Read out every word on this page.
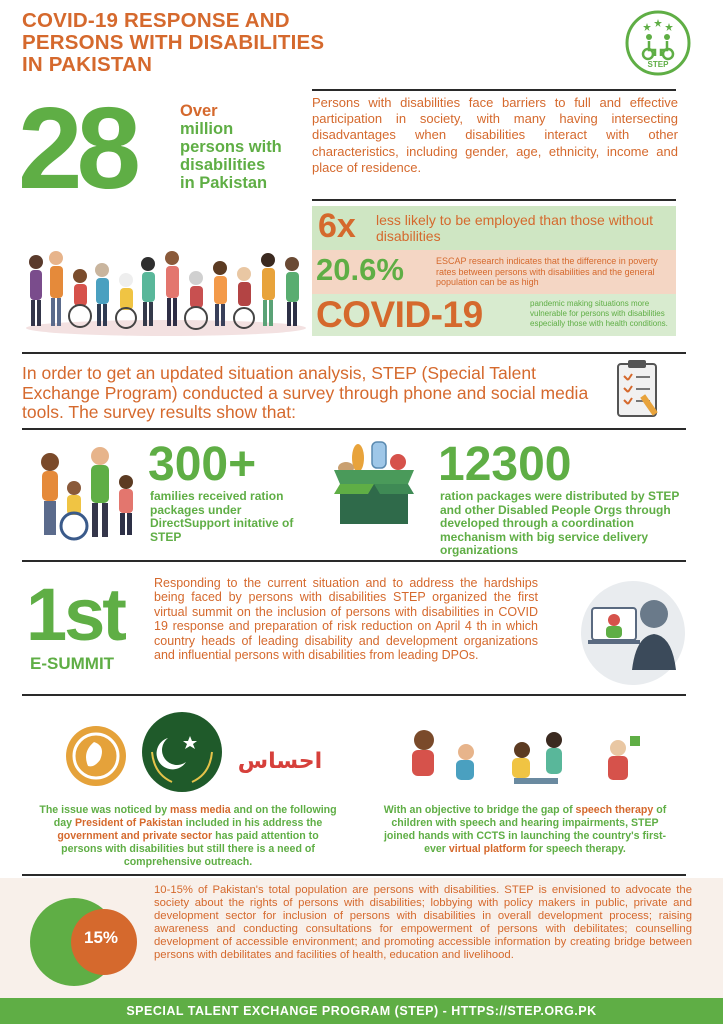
COVID-19 RESPONSE AND
PERSONS WITH DISABILITIES
IN PAKISTAN	STEP
28	Over
million
persons with
disabilities
in Pakistan
Persons with disabilities face barriers to full and effective participation in society, with many having intersecting disadvantages when disabilities interact with other characteristics, including gender, age, ethnicity, income and place of residence.
6x less likely to be employed than those without disabilities
20.6%	ESCAP research indicates that the difference in poverty rates between persons with disabilities and the general population can be as high
COVID-19	pandemic making situations more vulnerable for persons with disabilities especially those with health conditions.
In order to get an updated situation analysis, STEP (Special Talent Exchange Program) conducted a survey through phone and social media tools. The survey results show that:
300+
families received ration packages under DirectSupport initative of STEP
12300
ration packages were distributed by STEP and other Disabled People Orgs through developed through a coordination mechanism with big service delivery organizations
1st
E-SUMMIT
Responding to the current situation and to address the hardships being faced by persons with disabilities STEP organized the first virtual summit on the inclusion of persons with disabilities in COVID 19 response and preparation of risk reduction on April 4 th in which country heads of leading disability and development organizations and influential persons with disabilities from leading DPOs.
احساس
The issue was noticed by mass media and on the following day President of Pakistan included in his address the government and private sector has paid attention to persons with disabilities but still there is a need of comprehensive outreach.
With an objective to bridge the gap of speech therapy of children with speech and hearing impairments, STEP joined hands with CCTS in launching the country's first-ever virtual platform for speech therapy.
15%
10-15% of Pakistan's total population are persons with disabilities. STEP is envisioned to advocate the society about the rights of persons with disabilities; lobbying with policy makers in public, private and development sector for inclusion of persons with disabilities in overall development process; raising awareness and conducting consultations for empowerment of persons with debilitates; counselling development of accessible environment; and promoting accessible information by creating bridge between persons with debilitates and facilities of health, education and livelihood.
SPECIAL TALENT EXCHANGE PROGRAM (STEP) - HTTPS://STEP.ORG.PK
